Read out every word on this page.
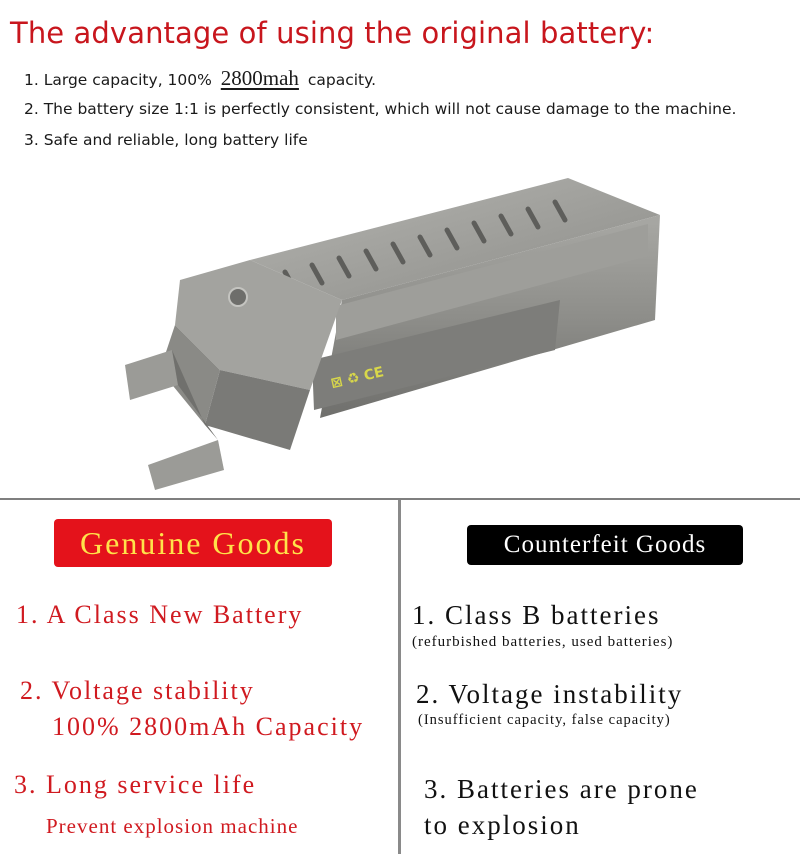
The advantage of using the original battery:
1. Large capacity, 100% 2800mah capacity.
2. The battery size 1:1 is perfectly consistent, which will not cause damage to the machine.
3. Safe and reliable, long battery life
⊠ ♻ CE
Genuine Goods	Counterfeit Goods

1. A Class New Battery

2. Voltage stability

100% 2800mAh Capacity

3. Long service life

Prevent explosion machine

1. Class B batteries

(refurbished batteries, used batteries)

2. Voltage instability

(Insufficient capacity, false capacity)

3. Batteries are prone

to explosion
